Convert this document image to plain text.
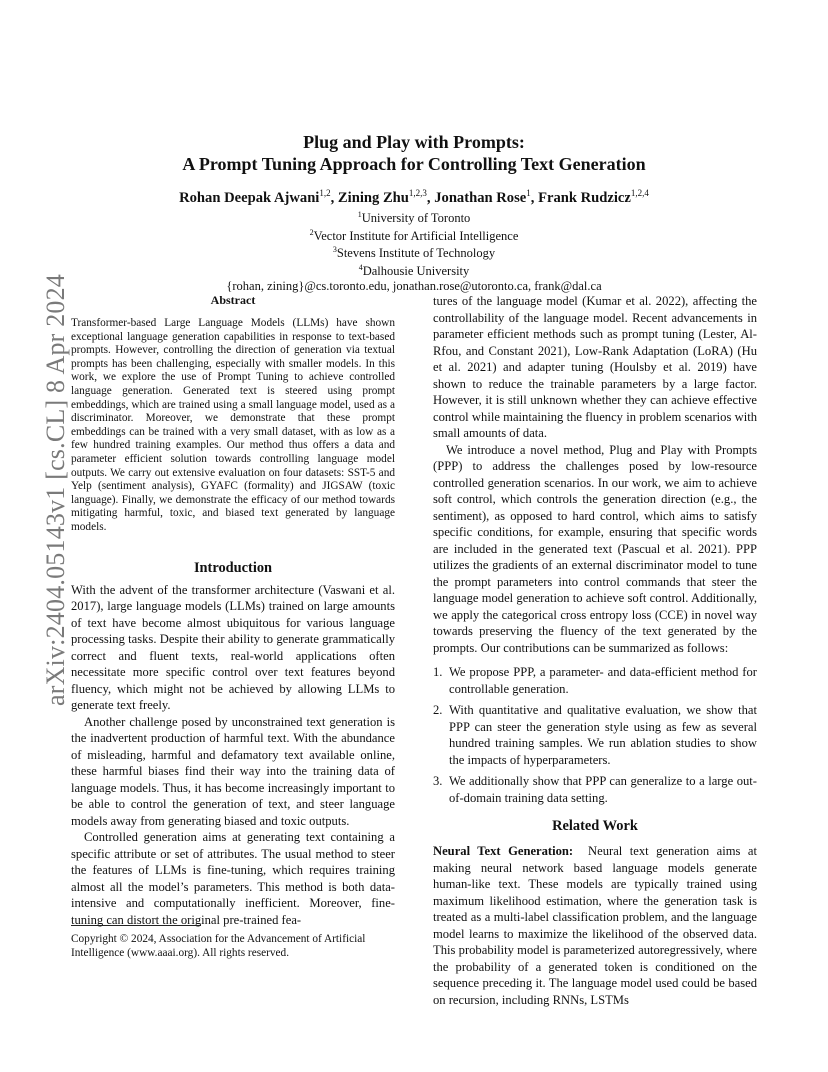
arXiv:2404.05143v1 [cs.CL] 8 Apr 2024
Plug and Play with Prompts:
A Prompt Tuning Approach for Controlling Text Generation
Rohan Deepak Ajwani$^{1,2}$, Zining Zhu$^{1,2,3}$, Jonathan Rose$^1$, Frank Rudzicz$^{1,2,4}$
$^1$University of Toronto
$^2$Vector Institute for Artificial Intelligence
$^3$Stevens Institute of Technology
$^4$Dalhousie University
{rohan, zining}@cs.toronto.edu, jonathan.rose@utoronto.ca, frank@dal.ca
Abstract

Transformer-based Large Language Models (LLMs) have shown exceptional language generation capabilities in response to text-based prompts. However, controlling the direction of generation via textual prompts has been challenging, especially with smaller models. In this work, we explore the use of Prompt Tuning to achieve controlled language generation. Generated text is steered using prompt embeddings, which are trained using a small language model, used as a discriminator. Moreover, we demonstrate that these prompt embeddings can be trained with a very small dataset, with as low as a few hundred training examples. Our method thus offers a data and parameter efficient solution towards controlling language model outputs. We carry out extensive evaluation on four datasets: SST-5 and Yelp (sentiment analysis), GYAFC (formality) and JIGSAW (toxic language). Finally, we demonstrate the efficacy of our method towards mitigating harmful, toxic, and biased text generated by language models.

Introduction

With the advent of the transformer architecture (Vaswani et al. 2017), large language models (LLMs) trained on large amounts of text have become almost ubiquitous for various language processing tasks. Despite their ability to generate grammatically correct and fluent texts, real-world applications often necessitate more specific control over text features beyond fluency, which might not be achieved by allowing LLMs to generate text freely.

Another challenge posed by unconstrained text generation is the inadvertent production of harmful text. With the abundance of misleading, harmful and defamatory text available online, these harmful biases find their way into the training data of language models. Thus, it has become increasingly important to be able to control the generation of text, and steer language models away from generating biased and toxic outputs.

Controlled generation aims at generating text containing a specific attribute or set of attributes. The usual method to steer the features of LLMs is fine-tuning, which requires training almost all the model’s parameters. This method is both data-intensive and computationally inefficient. Moreover, fine-tuning can distort the original pre-trained fea-

Copyright © 2024, Association for the Advancement of Artificial Intelligence (www.aaai.org). All rights reserved.

tures of the language model (Kumar et al. 2022), affecting the controllability of the language model. Recent advancements in parameter efficient methods such as prompt tuning (Lester, Al-Rfou, and Constant 2021), Low-Rank Adaptation (LoRA) (Hu et al. 2021) and adapter tuning (Houlsby et al. 2019) have shown to reduce the trainable parameters by a large factor. However, it is still unknown whether they can achieve effective control while maintaining the fluency in problem scenarios with small amounts of data.

We introduce a novel method, Plug and Play with Prompts (PPP) to address the challenges posed by low-resource controlled generation scenarios. In our work, we aim to achieve soft control, which controls the generation direction (e.g., the sentiment), as opposed to hard control, which aims to satisfy specific conditions, for example, ensuring that specific words are included in the generated text (Pascual et al. 2021). PPP utilizes the gradients of an external discriminator model to tune the prompt parameters into control commands that steer the language model generation to achieve soft control. Additionally, we apply the categorical cross entropy loss (CCE) in novel way towards preserving the fluency of the text generated by the prompts. Our contributions can be summarized as follows:

1. We propose PPP, a parameter- and data-efficient method for controllable generation.
2. With quantitative and qualitative evaluation, we show that PPP can steer the generation style using as few as several hundred training samples. We run ablation studies to show the impacts of hyperparameters.
3. We additionally show that PPP can generalize to a large out-of-domain training data setting.
Related Work

Neural Text Generation: Neural text generation aims at making neural network based language models generate human-like text. These models are typically trained using maximum likelihood estimation, where the generation task is treated as a multi-label classification problem, and the language model learns to maximize the likelihood of the observed data. This probability model is parameterized autoregressively, where the probability of a generated token is conditioned on the sequence preceding it. The language model used could be based on recursion, including RNNs, LSTMs
